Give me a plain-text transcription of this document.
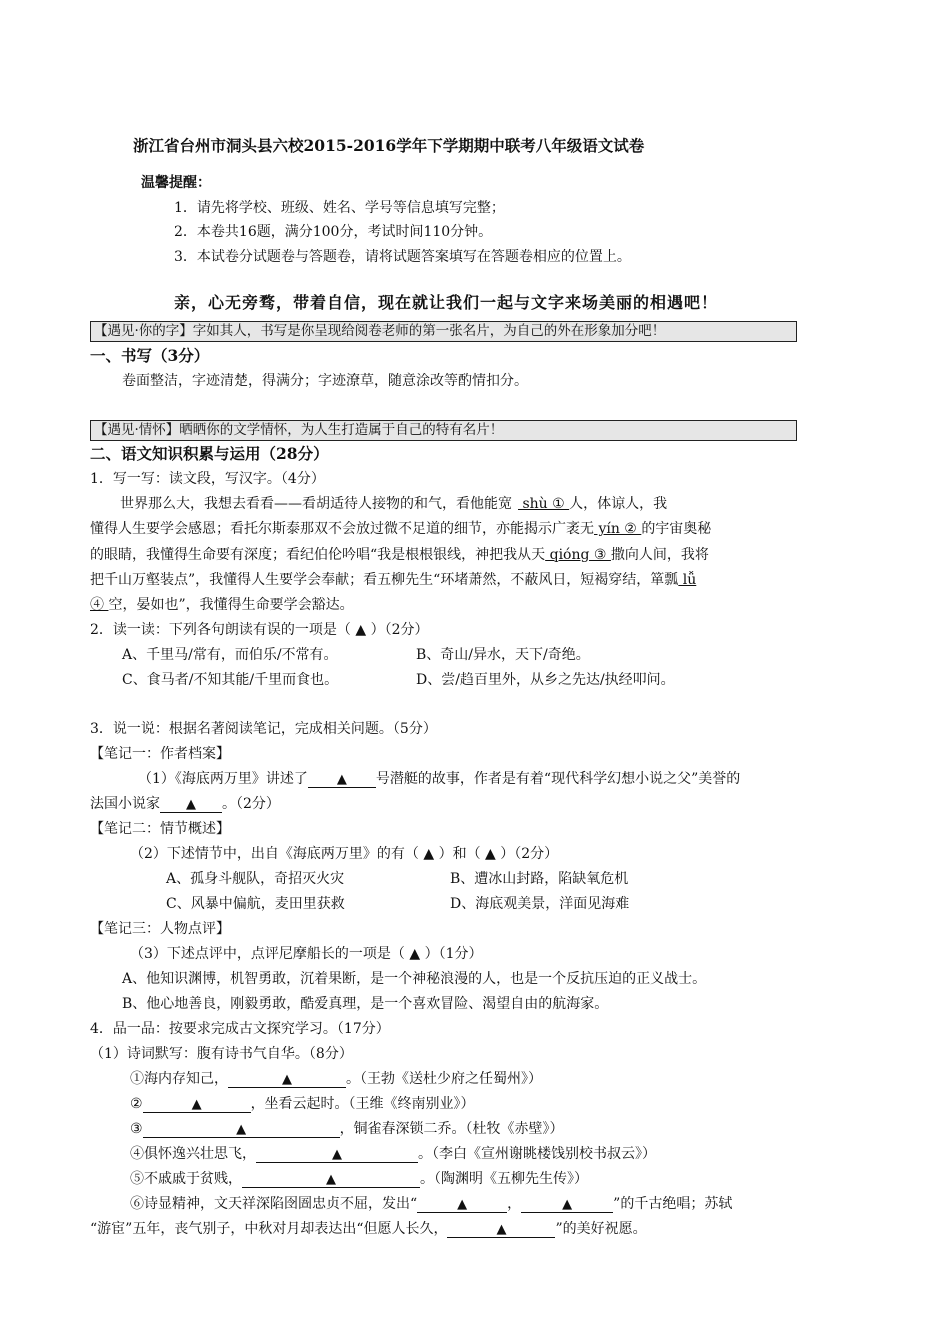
浙江省台州市洞头县六校2015-2016学年下学期期中联考八年级语文试卷
温馨提醒：
1．请先将学校、班级、姓名、学号等信息填写完整；
2．本卷共16题，满分100分，考试时间110分钟。
3．本试卷分试题卷与答题卷，请将试题答案填写在答题卷相应的位置上。
亲，心无旁骛，带着自信，现在就让我们一起与文字来场美丽的相遇吧！
【遇见·你的字】字如其人，书写是你呈现给阅卷老师的第一张名片，为自己的外在形象加分吧！
一、书写（3分）
卷面整洁，字迹清楚，得满分；字迹潦草，随意涂改等酌情扣分。
【遇见·情怀】晒晒你的文学情怀，为人生打造属于自己的特有名片！
二、语文知识积累与运用（28分）
1．写一写：读文段，写汉字。（4分）
世界那么大，我想去看看——看胡适待人接物的和气，看他能宽 shù ① 人，体谅人，我
懂得人生要学会感恩；看托尔斯泰那双不会放过微不足道的细节，亦能揭示广袤无 yín ② 的宇宙奥秘
的眼睛，我懂得生命要有深度；看纪伯伦吟唱“我是根根银线，神把我从天 qióng ③ 撒向人间，我将
把千山万壑装点”，我懂得人生要学会奉献；看五柳先生“环堵萧然，不蔽风日，短褐穿结，箪瓢 lǚ
④ 空，晏如也”，我懂得生命要学会豁达。
2．读一读：下列各句朗读有误的一项是（ ▲ ）（2分）
A、千里马/常有，而伯乐/不常有。	B、奇山/异水，天下/奇绝。
C、食马者/不知其能/千里而食也。	D、尝/趋百里外，从乡之先达/执经叩问。
3．说一说：根据名著阅读笔记，完成相关问题。（5分）
【笔记一：作者档案】
（1）《海底两万里》讲述了 ▲ 号潜艇的故事，作者是有着“现代科学幻想小说之父”美誉的
法国小说家 ▲ 。（2分）
【笔记二：情节概述】
（2）下述情节中，出自《海底两万里》的有（ ▲ ）和（ ▲ ）（2分）
A、孤身斗舰队，奇招灭火灾	B、遭冰山封路，陷缺氧危机
C、风暴中偏航，麦田里获救	D、海底观美景，洋面见海难
【笔记三：人物点评】
（3）下述点评中，点评尼摩船长的一项是（ ▲ ）（1分）
A、他知识渊博，机智勇敢，沉着果断，是一个神秘浪漫的人，也是一个反抗压迫的正义战士。
B、他心地善良，刚毅勇敢，酷爱真理，是一个喜欢冒险、渴望自由的航海家。
4．品一品：按要求完成古文探究学习。（17分）
（1）诗词默写：腹有诗书气自华。（8分）
①海内存知己，	▲	。（王勃《送杜少府之任蜀州》）
②	▲	，坐看云起时。（王维《终南别业》）
③	▲	，铜雀春深锁二乔。（杜牧《赤壁》）
④俱怀逸兴壮思飞，	▲	。（李白《宣州谢眺楼饯别校书叔云》）
⑤不戚戚于贫贱，	▲	。（陶渊明《五柳先生传》）
⑥诗显精神，文天祥深陷囹圄忠贞不屈，发出“	▲	，	▲	”的千古绝唱；苏轼
“游宦”五年，丧气别子，中秋对月却表达出“但愿人长久，	▲	”的美好祝愿。
